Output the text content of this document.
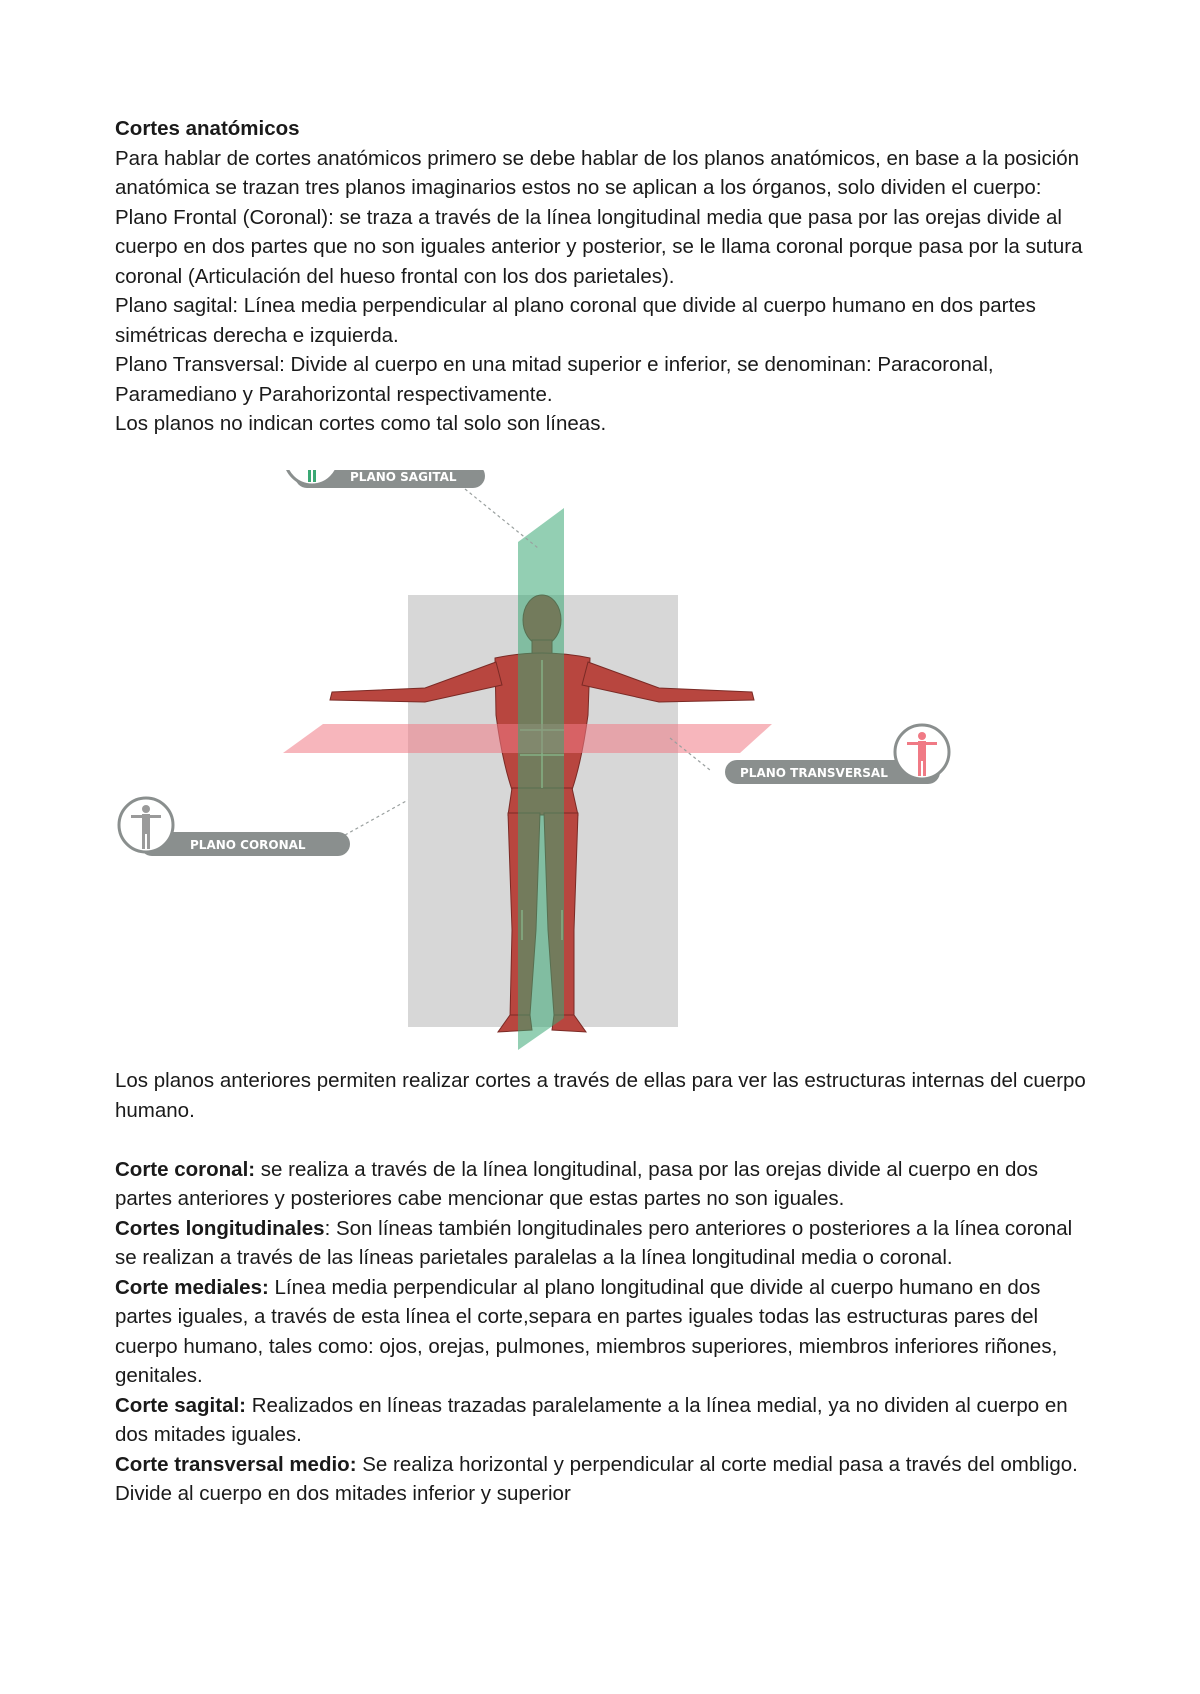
Cortes anatómicos

Para hablar de cortes anatómicos primero se debe hablar de los planos anatómicos, en base a la posición anatómica se trazan tres planos imaginarios estos no se aplican a los órganos, solo dividen el cuerpo:

Plano Frontal (Coronal): se traza a través de la línea longitudinal media que pasa por las orejas divide al cuerpo en dos partes que no son iguales anterior y posterior, se le llama coronal porque pasa por la sutura coronal (Articulación del hueso frontal con los dos parietales).

Plano sagital: Línea media perpendicular al plano coronal que divide al cuerpo humano en dos partes simétricas derecha e izquierda.

Plano Transversal: Divide al cuerpo en una mitad superior e inferior, se denominan: Paracoronal, Paramediano y Parahorizontal respectivamente.

Los planos no indican cortes como tal solo son líneas.

PLANO SAGITAL
PLANO TRANSVERSAL
PLANO CORONAL

Los planos anteriores permiten realizar cortes a través de ellas para ver las estructuras internas del cuerpo humano.

Corte coronal: se realiza a través de la línea longitudinal, pasa por las orejas divide al cuerpo en dos partes anteriores y posteriores cabe mencionar que estas partes no son iguales.

Cortes longitudinales: Son líneas también longitudinales pero anteriores o posteriores a la línea coronal se realizan a través de las líneas parietales paralelas a la línea longitudinal media o coronal.

Corte mediales: Línea media perpendicular al plano longitudinal que divide al cuerpo humano en dos partes iguales, a través de esta línea el corte,separa en partes iguales todas las estructuras pares del cuerpo humano, tales como: ojos, orejas, pulmones, miembros superiores, miembros inferiores riñones, genitales.

Corte sagital: Realizados en líneas trazadas paralelamente a la línea medial, ya no dividen al cuerpo en dos mitades iguales.

Corte transversal medio: Se realiza horizontal y perpendicular al corte medial pasa a través del ombligo. Divide al cuerpo en dos mitades inferior y superior
